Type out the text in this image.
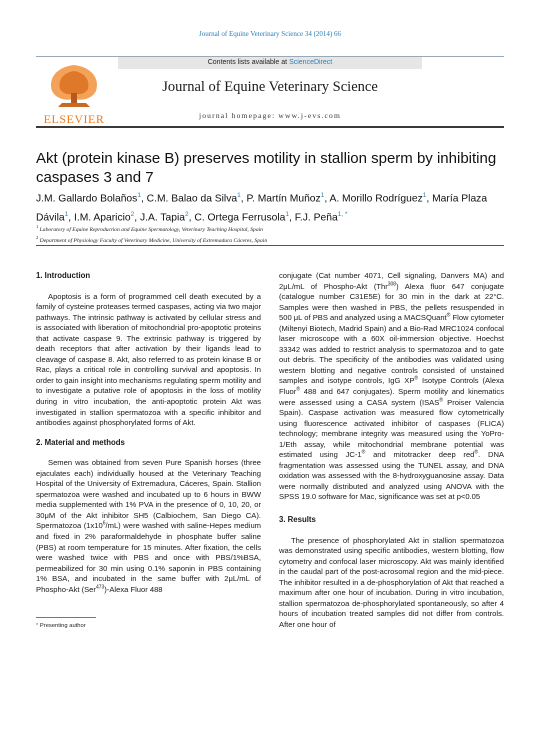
Journal of Equine Veterinary Science 34 (2014) 66
ELSEVIER
Contents lists available at ScienceDirect
Journal of Equine Veterinary Science
journal homepage: www.j-evs.com
Akt (protein kinase B) preserves motility in stallion sperm by inhibiting caspases 3 and 7
J.M. Gallardo Bolaños$^1$, C.M. Balao da Silva$^1$, P. Martín Muñoz$^1$, A. Morillo Rodríguez$^1$, María Plaza Dávila$^1$, I.M. Aparicio$^2$, J.A. Tapia$^2$, C. Ortega Ferrusola$^1$, F.J. Peña$^{1, *}$
$^1$ Laboratory of Equine Reproduction and Equine Spermatology, Veterinary Teaching Hospital, Spain
$^2$ Department of Physiology Faculty of Veterinary Medicine, University of Extremadura Cáceres, Spain
1. Introduction
Apoptosis is a form of programmed cell death executed by a family of cysteine proteases termed caspases, acting via two major pathways. The intrinsic pathway is activated by cellular stress and is associated with liberation of mitochondrial pro-apoptotic proteins that activate caspase 9. The extrinsic pathway is triggered by death receptors that after activation by their ligands lead to cleavage of caspase 8. Akt, also referred to as protein kinase B or Rac, plays a critical role in controlling survival and apoptosis. In order to gain insight into mechanisms regulating sperm motility and to investigate a putative role of apoptosis in the loss of motility during in vitro incubation, the anti-apoptotic protein Akt was investigated in stallion spermatozoa with a specific inhibitor and antibodies against phosphorylated forms of Akt.
2. Material and methods
Semen was obtained from seven Pure Spanish horses (three ejaculates each) individually housed at the Veterinary Teaching Hospital of the University of Extremadura, Cáceres, Spain. Stallion spermatozoa were washed and incubated up to 6 hours in BWW media supplemented with 1% PVA in the presence of 0, 10, 20, or 30μM of the Akt inhibitor SH5 (Calbiochem, San Diego CA). Spermatozoa $(1x10^6/mL)$ were washed with saline-Hepes medium and fixed in 2% paraformaldehyde in phosphate buffer saline (PBS) at room temperature for 15 minutes. After fixation, the cells were washed twice with PBS and once with PBS/1%BSA, permeabilized for 30 min using 0.1% saponin in PBS containing 1% BSA, and incubated in the same buffer with 2μL/mL of Phospho-Akt (Ser$^{473}$)-Alexa Fluor 488
conjugate (Cat number 4071, Cell signaling, Danvers MA) and 2μL/mL of Phospho-Akt (Thr$^{308}$) Alexa fluor 647 conjugate (catalogue number C31E5E) for 30 min in the dark at 22°C. Samples were then washed in PBS, the pellets resuspended in 500 μL of PBS and analyzed using a MACSQuant® Flow cytometer (Miltenyi Biotech, Madrid Spain) and a Bio-Rad MRC1024 confocal laser microscope with a 60X oil-immersion objective. Hoechst 33342 was added to restrict analysis to spermatozoa and to gate out debris. The specificity of the antibodies was validated using western blotting and negative controls consisted of unstained samples and isotype controls, IgG XP® Isotype Controls (Alexa Fluor® 488 and 647 conjugates). Sperm motility and kinematics were assessed using a CASA system (ISAS® Proiser Valencia Spain). Caspase activation was measured flow cytometrically using fluorescence activated inhibitor of caspases (FLICA) technology; membrane integrity was measured using the YoPro-1/Eth assay, while mitochondrial membrane potential was estimated using JC-1® and mitotracker deep red®. DNA fragmentation was assessed using the TUNEL assay, and DNA oxidation was assessed with the 8-hydroxyguanosine assay. Data were normally distributed and analyzed using ANOVA with the SPSS 19.0 software for Mac, significance was set at p<0.05
3. Results
The presence of phosphorylated Akt in stallion spermatozoa was demonstrated using specific antibodies, western blotting, flow cytometry and confocal laser microscopy. Akt was mainly identified in the caudal part of the post-acrosomal region and the mid-piece. The inhibitor resulted in a de-phosphorylation of Akt that reached a maximum after one hour of incubation. During in vitro incubation, stallion spermatozoa de-phosphorylated spontaneously, so after 4 hours of incubation treated samples did not differ from controls. After one hour of
* Presenting author
